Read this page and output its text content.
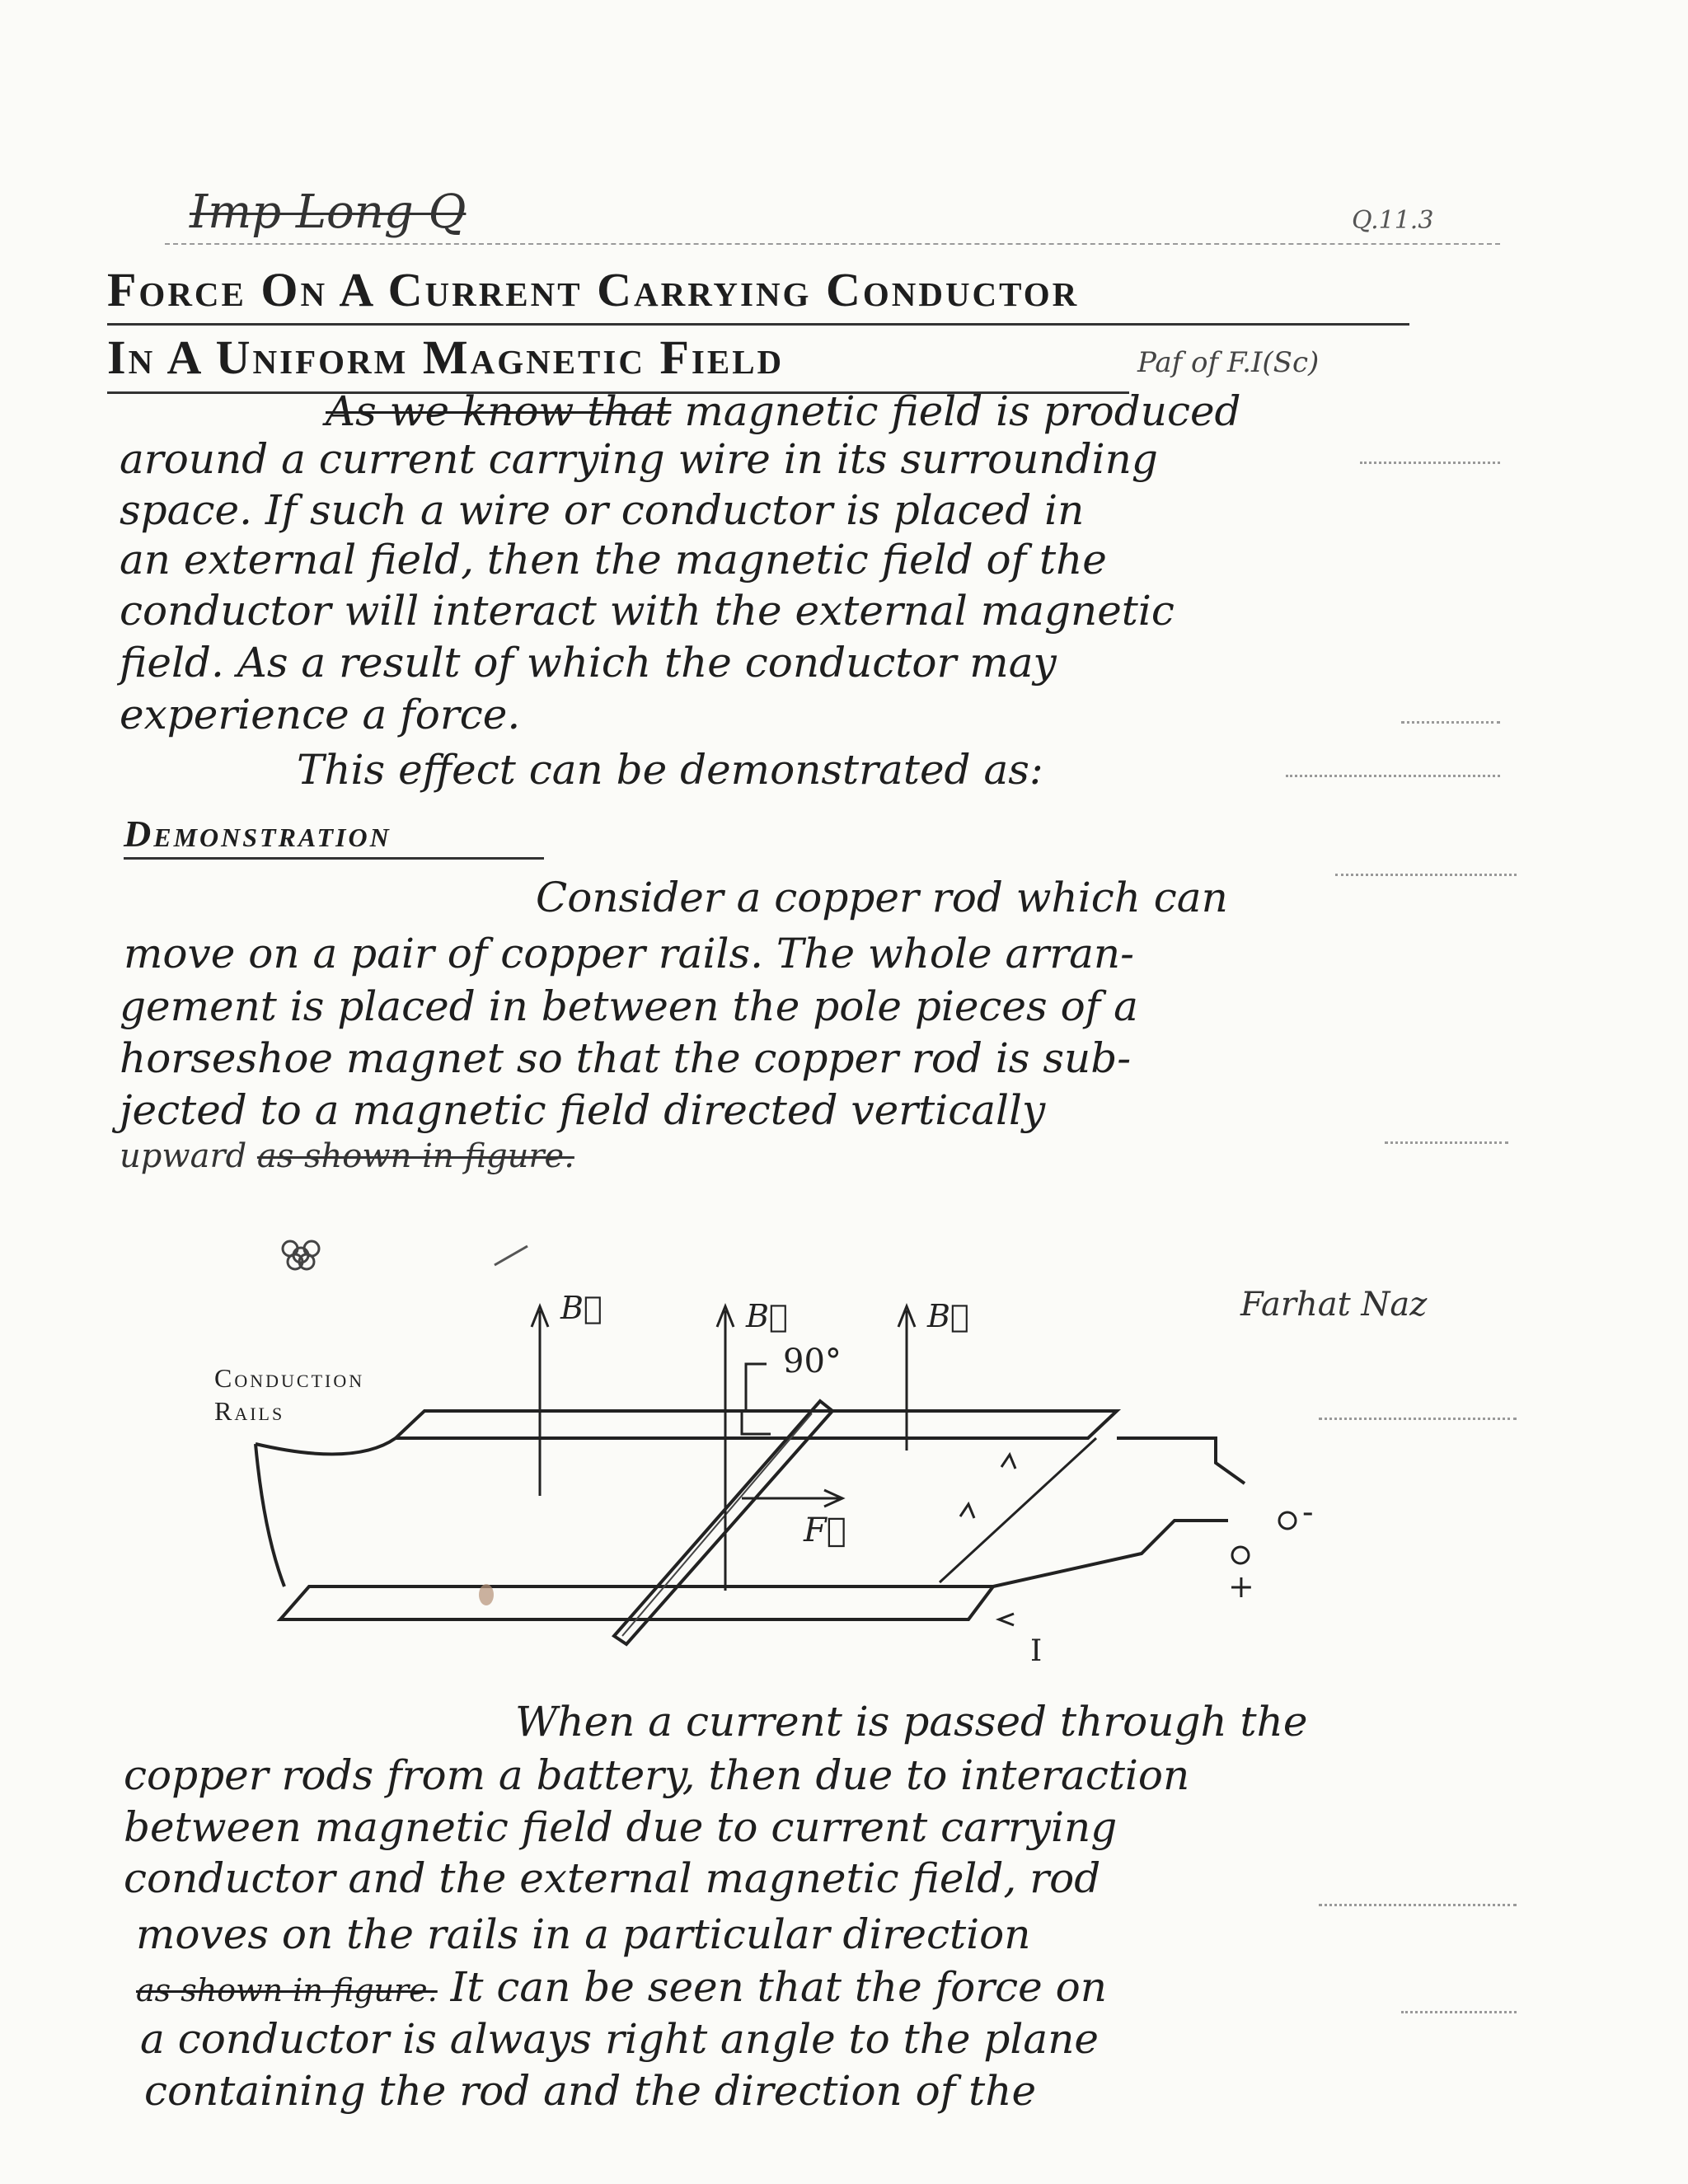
Imp Long Q	Q.11.3
Force On A Current Carrying Conductor
In A Uniform Magnetic Field	Paf of F.I(Sc)
As we know that magnetic field is produced
around a current carrying wire in its surrounding
space. If such a wire or conductor is placed in
an external field, then the magnetic field of the
conductor will interact with the external magnetic
field. As a result of which the conductor may
experience a force.
This effect can be demonstrated as:
Demonstration
Consider a copper rod which can
move on a pair of copper rails. The whole arran-
gement is placed in between the pole pieces of a
horseshoe magnet so that the copper rod is sub-
jected to a magnetic field directed vertically
upward as shown in figure.
B⃗	B⃗	B⃗
90°
F⃗
I
-
+
Conduction
Rails
Farhat Naz
When a current is passed through the
copper rods from a battery, then due to interaction
between magnetic field due to current carrying
conductor and the external magnetic field, rod
moves on the rails in a particular direction
as shown in figure. It can be seen that the force on
a conductor is always right angle to the plane
containing the rod and the direction of the
